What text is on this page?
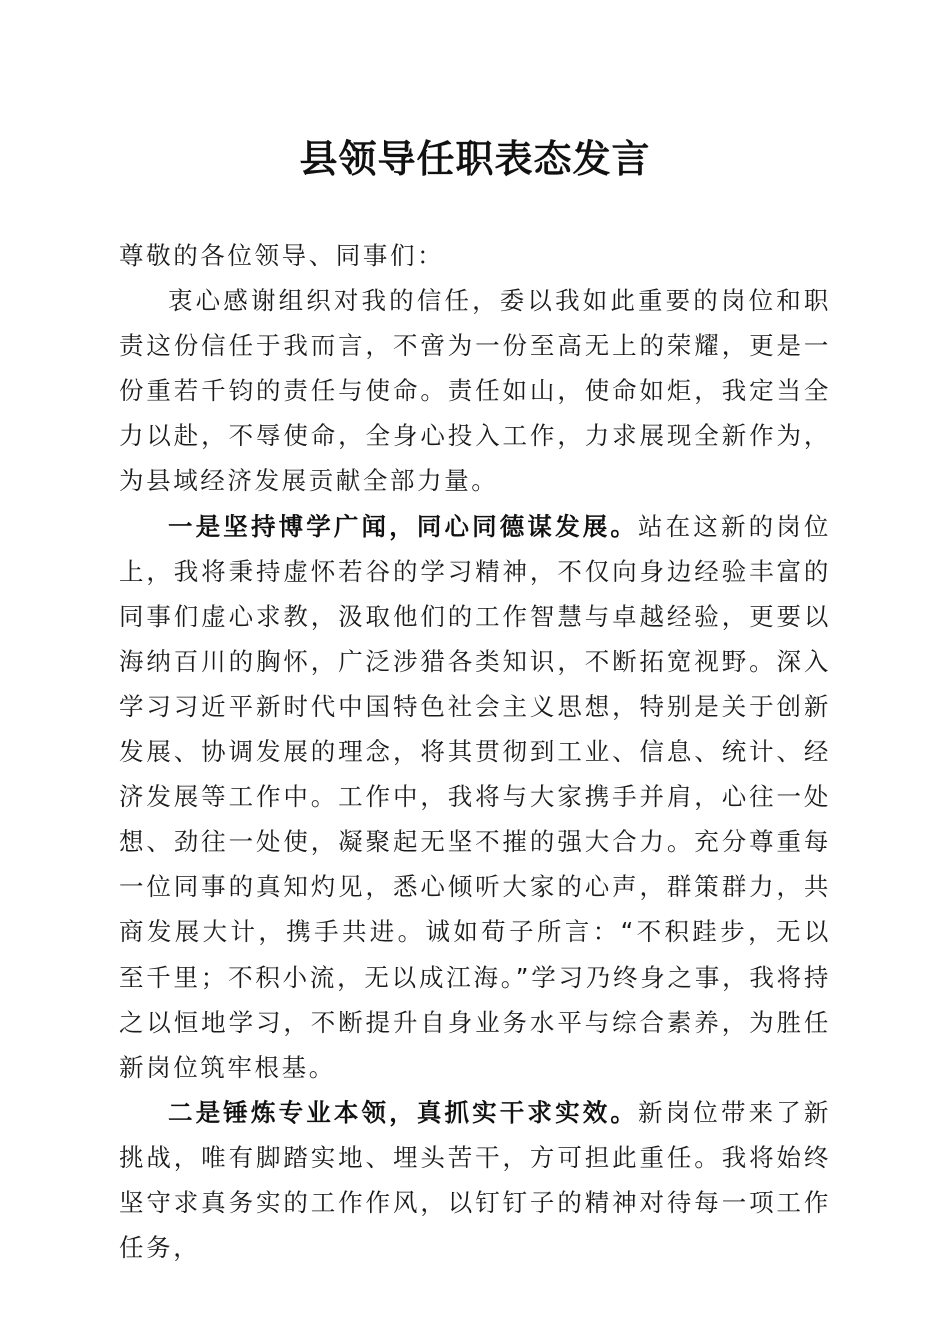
县领导任职表态发言

尊敬的各位领导、同事们：

衷心感谢组织对我的信任，委以我如此重要的岗位和职责这份信任于我而言，不啻为一份至高无上的荣耀，更是一份重若千钧的责任与使命。责任如山，使命如炬，我定当全力以赴，不辱使命，全身心投入工作，力求展现全新作为，为县域经济发展贡献全部力量。

一是坚持博学广闻，同心同德谋发展。站在这新的岗位上，我将秉持虚怀若谷的学习精神，不仅向身边经验丰富的同事们虚心求教，汲取他们的工作智慧与卓越经验，更要以海纳百川的胸怀，广泛涉猎各类知识，不断拓宽视野。深入学习习近平新时代中国特色社会主义思想，特别是关于创新发展、协调发展的理念，将其贯彻到工业、信息、统计、经济发展等工作中。工作中，我将与大家携手并肩，心往一处想、劲往一处使，凝聚起无坚不摧的强大合力。充分尊重每一位同事的真知灼见，悉心倾听大家的心声，群策群力，共商发展大计，携手共进。诚如荀子所言：“不积跬步，无以至千里；不积小流，无以成江海。”学习乃终身之事，我将持之以恒地学习，不断提升自身业务水平与综合素养，为胜任新岗位筑牢根基。

二是锤炼专业本领，真抓实干求实效。新岗位带来了新挑战，唯有脚踏实地、埋头苦干，方可担此重任。我将始终坚守求真务实的工作作风，以钉钉子的精神对待每一项工作任务，
